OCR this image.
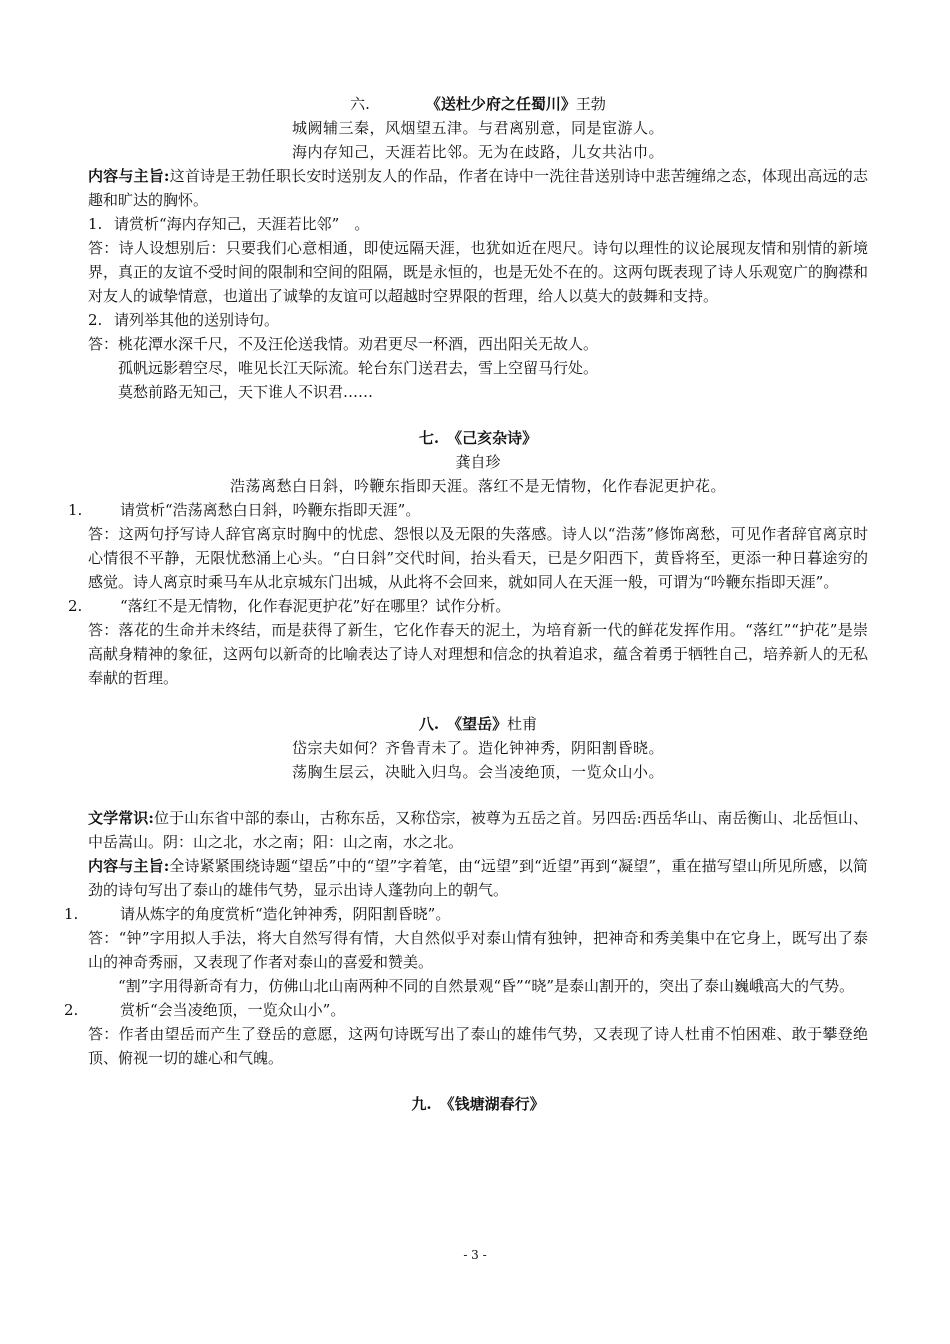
六.	《送杜少府之任蜀川》王勃

城阙辅三秦，风烟望五津。与君离别意，同是宦游人。

海内存知己，天涯若比邻。无为在歧路，儿女共沾巾。

内容与主旨:这首诗是王勃任职长安时送别友人的作品，作者在诗中一洗往昔送别诗中悲苦缠绵之态，体现出高远的志趣和旷达的胸怀。

1. 请赏析“海内存知己，天涯若比邻”　。

答：诗人设想别后：只要我们心意相通，即使远隔天涯，也犹如近在咫尺。诗句以理性的议论展现友情和别情的新境界，真正的友谊不受时间的限制和空间的阻隔，既是永恒的，也是无处不在的。这两句既表现了诗人乐观宽广的胸襟和对友人的诚挚情意，也道出了诚挚的友谊可以超越时空界限的哲理，给人以莫大的鼓舞和支持。

2. 请列举其他的送别诗句。

答：桃花潭水深千尺，不及汪伦送我情。劝君更尽一杯酒，西出阳关无故人。

孤帆远影碧空尽，唯见长江天际流。轮台东门送君去，雪上空留马行处。

莫愁前路无知己，天下谁人不识君……

七. 《己亥杂诗》

龚自珍

浩荡离愁白日斜，吟鞭东指即天涯。落红不是无情物，化作春泥更护花。

1.	请赏析“浩荡离愁白日斜，吟鞭东指即天涯”。

答：这两句抒写诗人辞官离京时胸中的忧虑、怨恨以及无限的失落感。诗人以“浩荡”修饰离愁，可见作者辞官离京时心情很不平静，无限忧愁涌上心头。“白日斜”交代时间，抬头看天，已是夕阳西下，黄昏将至，更添一种日暮途穷的感觉。诗人离京时乘马车从北京城东门出城，从此将不会回来，就如同人在天涯一般，可谓为“吟鞭东指即天涯”。

2.	“落红不是无情物，化作春泥更护花”好在哪里？试作分析。

答：落花的生命并未终结，而是获得了新生，它化作春天的泥土，为培育新一代的鲜花发挥作用。“落红”“护花”是崇高献身精神的象征，这两句以新奇的比喻表达了诗人对理想和信念的执着追求，蕴含着勇于牺牲自己，培养新人的无私奉献的哲理。

八. 《望岳》杜甫

岱宗夫如何？齐鲁青未了。造化钟神秀，阴阳割昏晓。

荡胸生层云，决眦入归鸟。会当凌绝顶，一览众山小。

文学常识:位于山东省中部的泰山，古称东岳，又称岱宗，被尊为五岳之首。另四岳:西岳华山、南岳衡山、北岳恒山、中岳嵩山。阴：山之北，水之南；阳：山之南，水之北。

内容与主旨:全诗紧紧围绕诗题“望岳”中的“望”字着笔，由“远望”到“近望”再到“凝望”，重在描写望山所见所感，以简劲的诗句写出了泰山的雄伟气势，显示出诗人蓬勃向上的朝气。

1.	请从炼字的角度赏析“造化钟神秀，阴阳割昏晓”。

答：“钟”字用拟人手法，将大自然写得有情，大自然似乎对泰山情有独钟，把神奇和秀美集中在它身上，既写出了泰山的神奇秀丽，又表现了作者对泰山的喜爱和赞美。

“割”字用得新奇有力，仿佛山北山南两种不同的自然景观“昏”“晓”是泰山割开的，突出了泰山巍峨高大的气势。

2.	赏析“会当凌绝顶，一览众山小”。

答：作者由望岳而产生了登岳的意愿，这两句诗既写出了泰山的雄伟气势，又表现了诗人杜甫不怕困难、敢于攀登绝顶、俯视一切的雄心和气魄。

九. 《钱塘湖春行》

- 3 -
